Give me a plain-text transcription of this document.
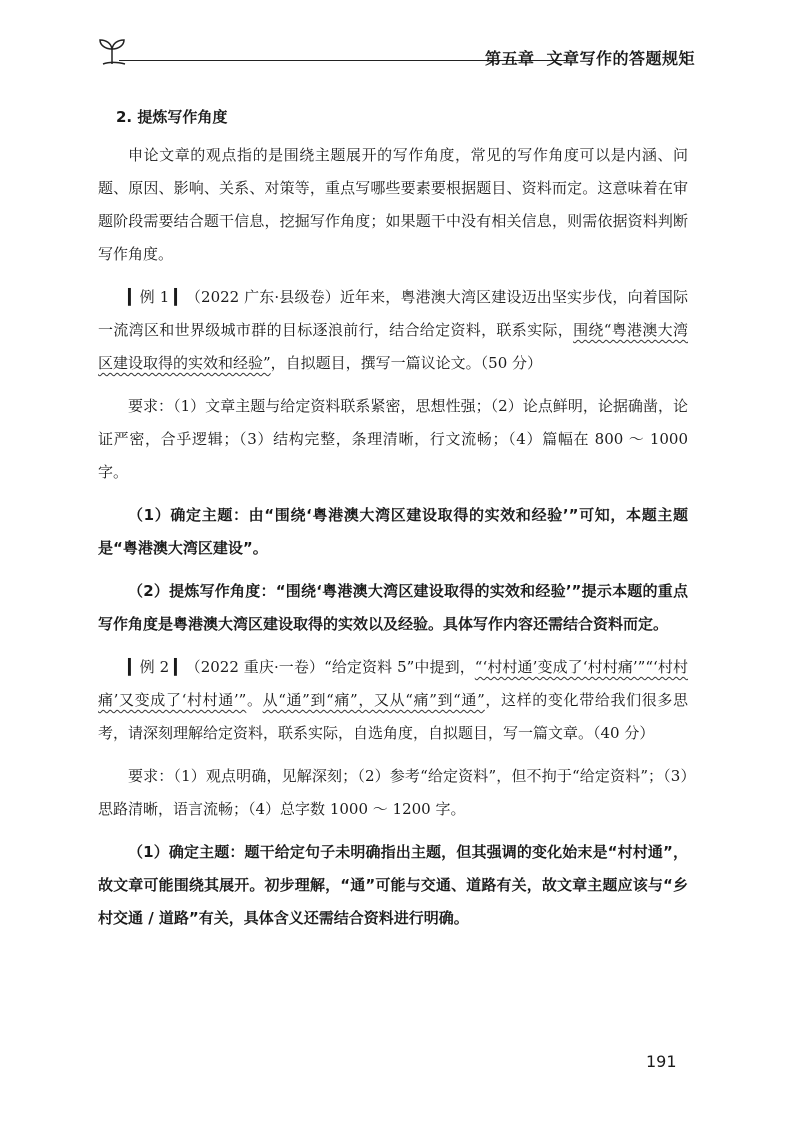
第五章 文章写作的答题规矩
2. 提炼写作角度

申论文章的观点指的是围绕主题展开的写作角度，常见的写作角度可以是内涵、问题、原因、影响、关系、对策等，重点写哪些要素要根据题目、资料而定。这意味着在审题阶段需要结合题干信息，挖掘写作角度；如果题干中没有相关信息，则需依据资料判断写作角度。

▎例 1 ▎（2022 广东·县级卷）近年来，粤港澳大湾区建设迈出坚实步伐，向着国际一流湾区和世界级城市群的目标逐浪前行，结合给定资料，联系实际，围绕“粤港澳大湾区建设取得的实效和经验”，自拟题目，撰写一篇议论文。（50 分）

要求：（1）文章主题与给定资料联系紧密，思想性强；（2）论点鲜明，论据确凿，论证严密，合乎逻辑；（3）结构完整，条理清晰，行文流畅；（4）篇幅在 800 ～ 1000 字。

（1）确定主题：由“围绕‘粤港澳大湾区建设取得的实效和经验’”可知，本题主题是“粤港澳大湾区建设”。

（2）提炼写作角度：“围绕‘粤港澳大湾区建设取得的实效和经验’”提示本题的重点写作角度是粤港澳大湾区建设取得的实效以及经验。具体写作内容还需结合资料而定。

▎例 2 ▎（2022 重庆·一卷）“给定资料 5”中提到，“‘村村通’变成了‘村村痛’”“‘村村痛’又变成了‘村村通’”。从“通”到“痛”，又从“痛”到“通”，这样的变化带给我们很多思考，请深刻理解给定资料，联系实际，自选角度，自拟题目，写一篇文章。（40 分）

要求：（1）观点明确，见解深刻；（2）参考“给定资料”，但不拘于“给定资料”；（3）思路清晰，语言流畅；（4）总字数 1000 ～ 1200 字。

（1）确定主题：题干给定句子未明确指出主题，但其强调的变化始末是“村村通”，故文章可能围绕其展开。初步理解，“通”可能与交通、道路有关，故文章主题应该与“乡村交通 / 道路”有关，具体含义还需结合资料进行明确。

191
